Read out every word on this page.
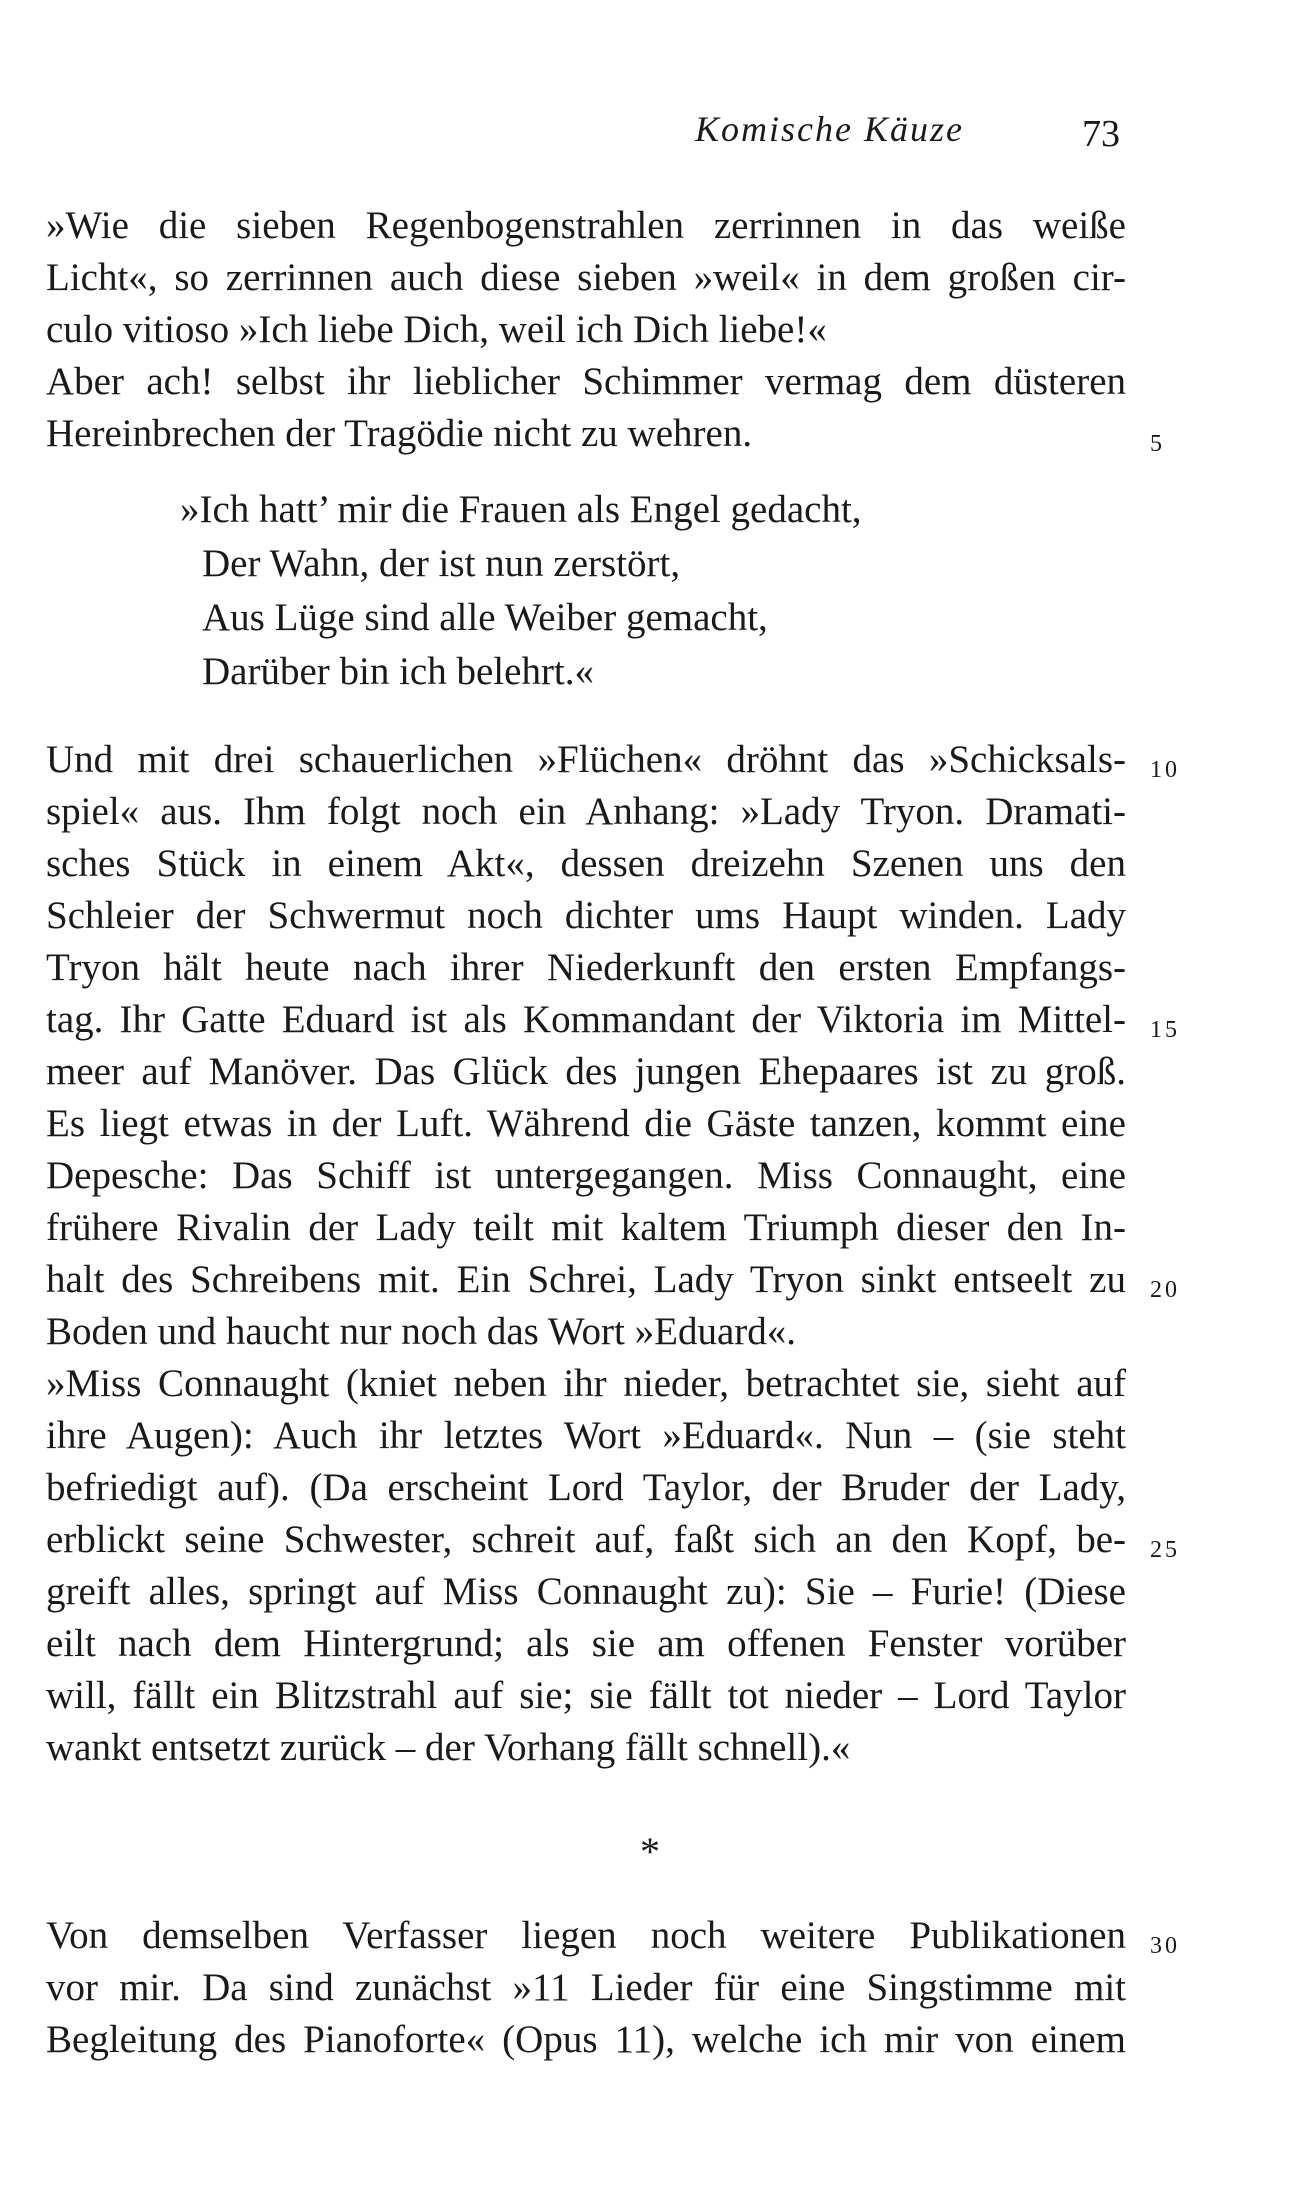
Komische Käuze	73
»Wie die sieben Regenbogenstrahlen zerrinnen in das weiße
Licht«, so zerrinnen auch diese sieben »weil« in dem großen cir-
culo vitioso »Ich liebe Dich, weil ich Dich liebe!«
Aber ach! selbst ihr lieblicher Schimmer vermag dem düsteren
Hereinbrechen der Tragödie nicht zu wehren.
»Ich hatt’ mir die Frauen als Engel gedacht,
Der Wahn, der ist nun zerstört,
Aus Lüge sind alle Weiber gemacht,
Darüber bin ich belehrt.«
Und mit drei schauerlichen »Flüchen« dröhnt das »Schicksals-
spiel« aus. Ihm folgt noch ein Anhang: »Lady Tryon. Dramati-
sches Stück in einem Akt«, dessen dreizehn Szenen uns den
Schleier der Schwermut noch dichter ums Haupt winden. Lady
Tryon hält heute nach ihrer Niederkunft den ersten Empfangs-
tag. Ihr Gatte Eduard ist als Kommandant der Viktoria im Mittel-
meer auf Manöver. Das Glück des jungen Ehepaares ist zu groß.
Es liegt etwas in der Luft. Während die Gäste tanzen, kommt eine
Depesche: Das Schiff ist untergegangen. Miss Connaught, eine
frühere Rivalin der Lady teilt mit kaltem Triumph dieser den In-
halt des Schreibens mit. Ein Schrei, Lady Tryon sinkt entseelt zu
Boden und haucht nur noch das Wort »Eduard«.
»Miss Connaught (kniet neben ihr nieder, betrachtet sie, sieht auf
ihre Augen): Auch ihr letztes Wort »Eduard«. Nun – (sie steht
befriedigt auf). (Da erscheint Lord Taylor, der Bruder der Lady,
erblickt seine Schwester, schreit auf, faßt sich an den Kopf, be-
greift alles, springt auf Miss Connaught zu): Sie – Furie! (Diese
eilt nach dem Hintergrund; als sie am offenen Fenster vorüber
will, fällt ein Blitzstrahl auf sie; sie fällt tot nieder – Lord Taylor
wankt entsetzt zurück – der Vorhang fällt schnell).«
*
Von demselben Verfasser liegen noch weitere Publikationen
vor mir. Da sind zunächst »11 Lieder für eine Singstimme mit
Begleitung des Pianoforte« (Opus 11), welche ich mir von einem
5
10
15
20
25
30
